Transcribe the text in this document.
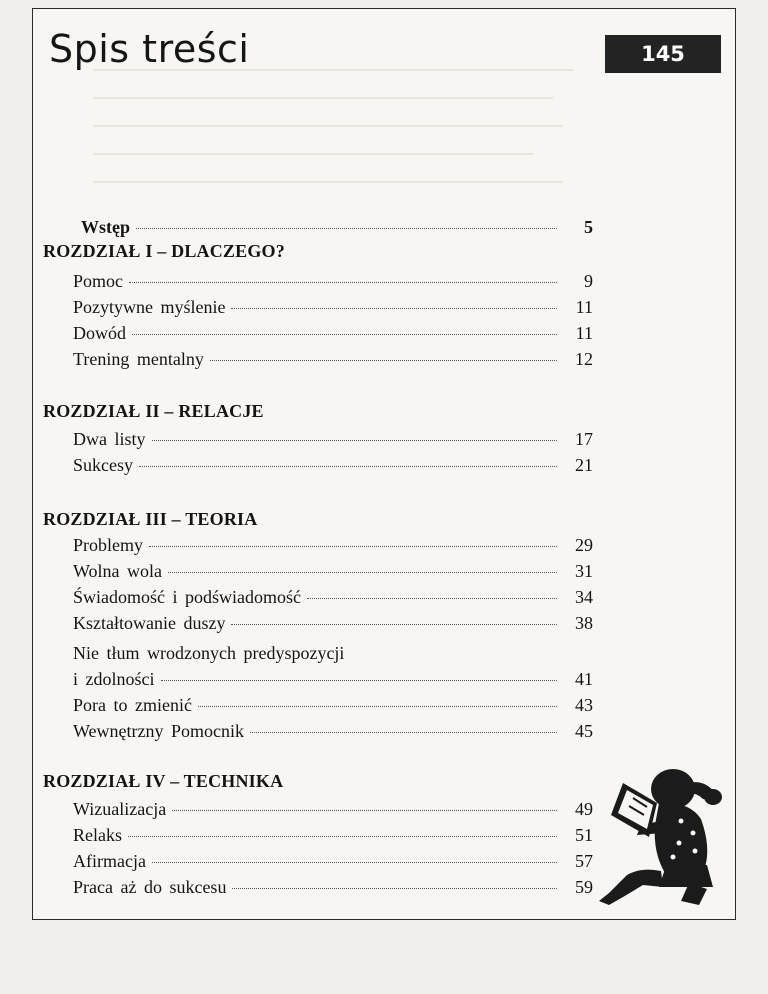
Spis treści	145
Wstęp	5
ROZDZIAŁ I – DLACZEGO?
Pomoc	9
Pozytywne myślenie	11
Dowód	11
Trening mentalny	12
ROZDZIAŁ II – RELACJE
Dwa listy	17
Sukcesy	21
ROZDZIAŁ III – TEORIA
Problemy	29
Wolna wola	31
Świadomość i podświadomość	34
Kształtowanie duszy	38
Nie tłum wrodzonych predyspozycji
i zdolności	41
Pora to zmienić	43
Wewnętrzny Pomocnik	45
ROZDZIAŁ IV – TECHNIKA
Wizualizacja	49
Relaks	51
Afirmacja	57
Praca aż do sukcesu	59
